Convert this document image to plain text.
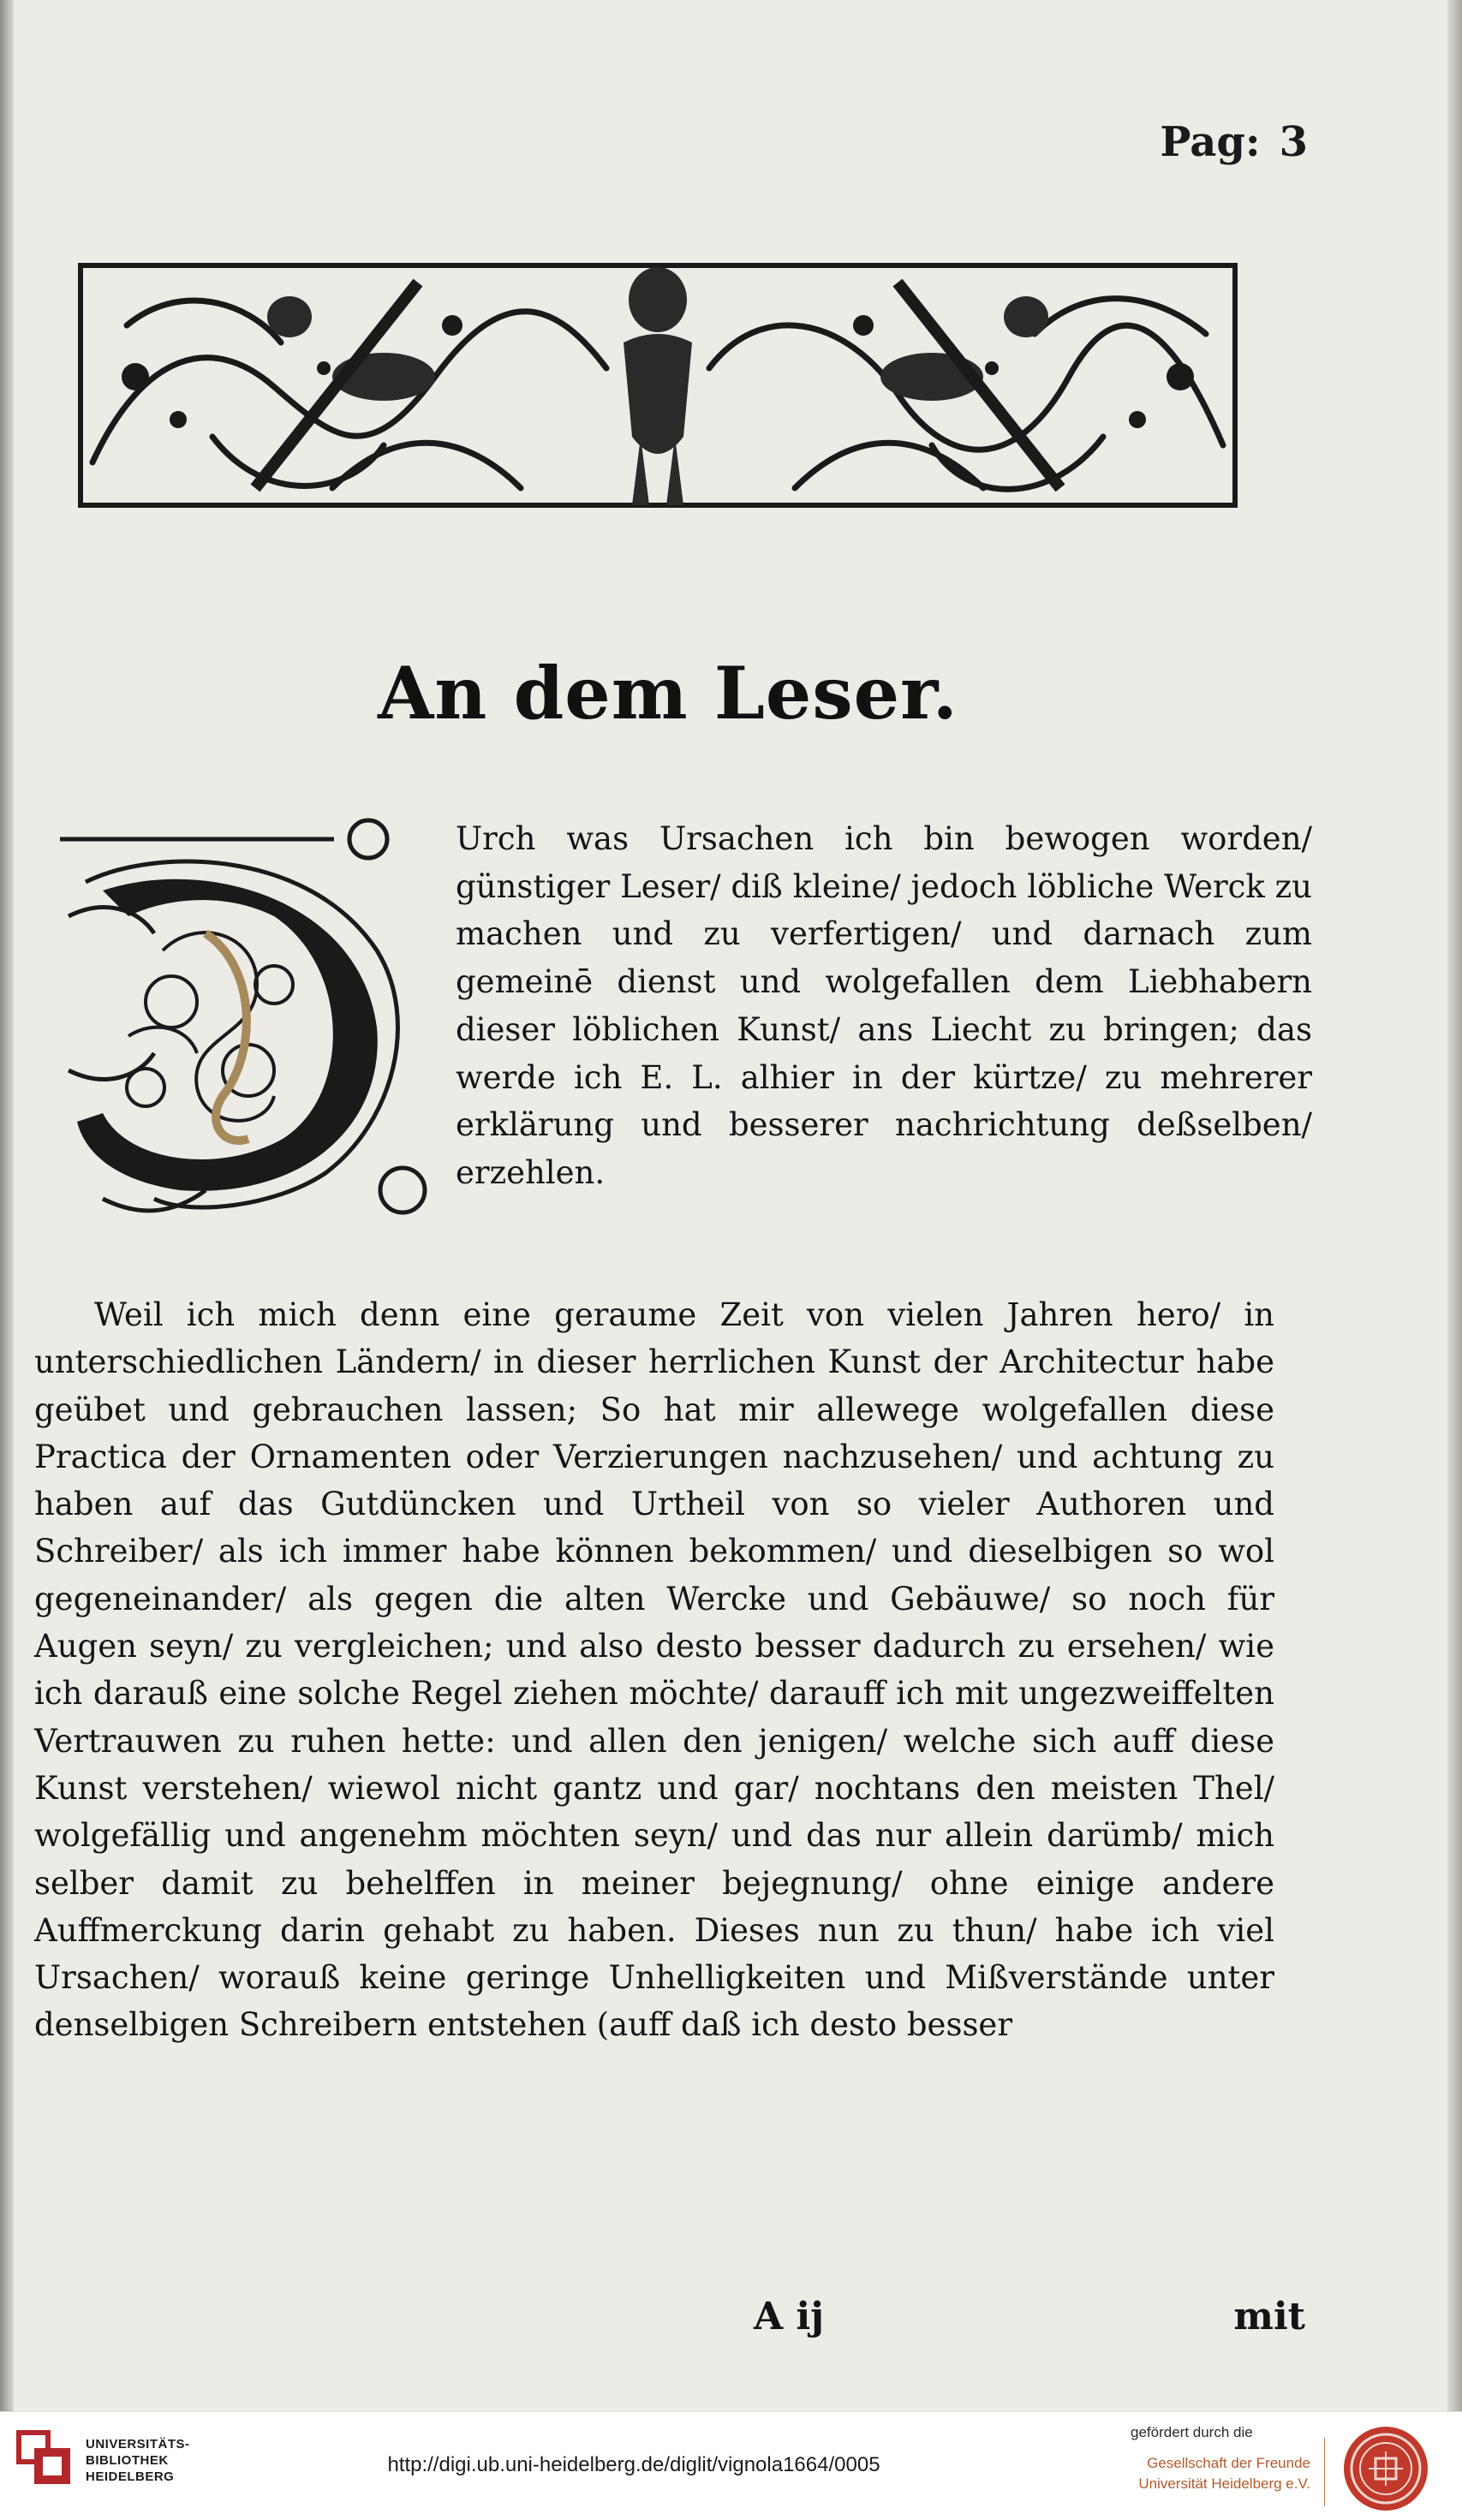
Pag: 3
An dem Leser.
Urch was Ursachen ich bin bewogen worden/ günstiger Leser/ diß kleine/ jedoch löbliche Werck zu machen und zu verfertigen/ und darnach zum gemeinē dienst und wolgefallen dem Liebhabern dieser löblichen Kunst/ ans Liecht zu bringen; das werde ich E. L. alhier in der kürtze/ zu mehrerer erklärung und besserer nachrichtung deßselben/ erzehlen.
Weil ich mich denn eine geraume Zeit von vielen Jahren hero/ in unterschiedlichen Ländern/ in dieser herrlichen Kunst der Architectur habe geübet und gebrauchen lassen; So hat mir allewege wolgefallen diese Practica der Ornamenten oder Verzierungen nachzusehen/ und achtung zu haben auf das Gutdüncken und Urtheil von so vieler Authoren und Schreiber/ als ich immer habe können bekommen/ und dieselbigen so wol gegeneinander/ als gegen die alten Wercke und Gebäuwe/ so noch für Augen seyn/ zu vergleichen; und also desto besser dadurch zu ersehen/ wie ich darauß eine solche Regel ziehen möchte/ darauff ich mit ungezweiffelten Vertrauwen zu ruhen hette: und allen den jenigen/ welche sich auff diese Kunst verstehen/ wiewol nicht gantz und gar/ nochtans den meisten Thel/ wolgefällig und angenehm möchten seyn/ und das nur allein darümb/ mich selber damit zu behelffen in meiner bejegnung/ ohne einige andere Auffmerckung darin gehabt zu haben. Dieses nun zu thun/ habe ich viel Ursachen/ worauß keine geringe Unhelligkeiten und Mißverstände unter denselbigen Schreibern entstehen (auff daß ich desto besser
A ij	mit
UNIVERSITÄTS-
BIBLIOTHEK
HEIDELBERG
http://digi.ub.uni-heidelberg.de/diglit/vignola1664/0005
gefördert durch die
Gesellschaft der Freunde
Universität Heidelberg e.V.
